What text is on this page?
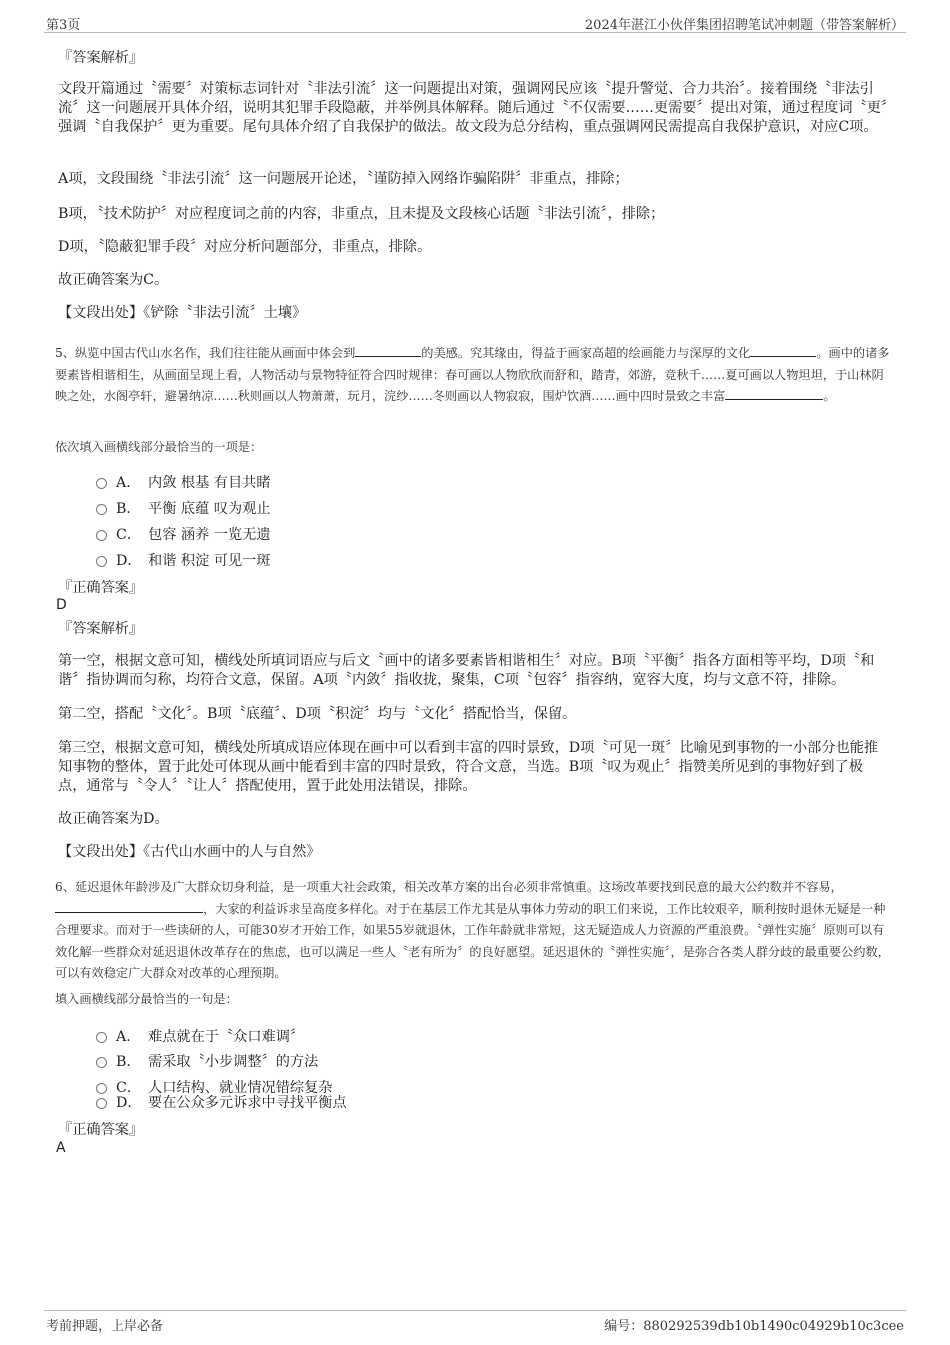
第3页	2024年湛江小伙伴集团招聘笔试冲刺题（带答案解析）
『答案解析』
文段开篇通过〝需要〞对策标志词针对〝非法引流〞这一问题提出对策，强调网民应该〝提升警觉、合力共治〞。接着围绕〝非法引流〞这一问题展开具体介绍，说明其犯罪手段隐蔽，并举例具体解释。随后通过〝不仅需要……更需要〞提出对策，通过程度词〝更〞强调〝自我保护〞更为重要。尾句具体介绍了自我保护的做法。故文段为总分结构，重点强调网民需提高自我保护意识，对应C项。
A项，文段围绕〝非法引流〞这一问题展开论述，〝谨防掉入网络诈骗陷阱〞非重点，排除；
B项，〝技术防护〞对应程度词之前的内容，非重点，且未提及文段核心话题〝非法引流〞，排除；
D项，〝隐蔽犯罪手段〞对应分析问题部分，非重点，排除。
故正确答案为C。
【文段出处】《铲除〝非法引流〞土壤》
5、纵览中国古代山水名作，我们往往能从画面中体会到	的美感。究其缘由，得益于画家高超的绘画能力与深厚的文化	。画中的诸多要素皆相谐相生，从画面呈现上看，人物活动与景物特征符合四时规律：春可画以人物欣欣而舒和，踏青，郊游，竞秋千……夏可画以人物坦坦，于山林阴映之处，水阁亭轩，避暑纳凉……秋则画以人物萧萧，玩月，浣纱……冬则画以人物寂寂，围炉饮酒……画中四时景致之丰富	。
依次填入画横线部分最恰当的一项是：
A． 内敛 根基 有目共睹
B． 平衡 底蕴 叹为观止
C． 包容 涵养 一览无遗
D． 和谐 积淀 可见一斑
『正确答案』
D
『答案解析』
第一空，根据文意可知，横线处所填词语应与后文〝画中的诸多要素皆相谐相生〞对应。B项〝平衡〞指各方面相等平均，D项〝和谐〞指协调而匀称，均符合文意，保留。A项〝内敛〞指收拢，聚集，C项〝包容〞指容纳，宽容大度，均与文意不符，排除。
第二空，搭配〝文化〞。B项〝底蕴〞、D项〝积淀〞均与〝文化〞搭配恰当，保留。
第三空，根据文意可知，横线处所填成语应体现在画中可以看到丰富的四时景致，D项〝可见一斑〞比喻见到事物的一小部分也能推知事物的整体，置于此处可体现从画中能看到丰富的四时景致，符合文意，当选。B项〝叹为观止〞指赞美所见到的事物好到了极点，通常与〝令人〞〝让人〞搭配使用，置于此处用法错误，排除。
故正确答案为D。
【文段出处】《古代山水画中的人与自然》
6、延迟退休年龄涉及广大群众切身利益，是一项重大社会政策，相关改革方案的出台必须非常慎重。这场改革要找到民意的最大公约数并不容易，，大家的利益诉求呈高度多样化。对于在基层工作尤其是从事体力劳动的职工们来说，工作比较艰辛，顺利按时退休无疑是一种合理要求。而对于一些读研的人，可能30岁才开始工作，如果55岁就退休，工作年龄就非常短，这无疑造成人力资源的严重浪费。〝弹性实施〞原则可以有效化解一些群众对延迟退休改革存在的焦虑，也可以满足一些人〝老有所为〞的良好愿望。延迟退休的〝弹性实施〞，是弥合各类人群分歧的最重要公约数，可以有效稳定广大群众对改革的心理预期。
填入画横线部分最恰当的一句是：
A． 难点就在于〝众口难调〞
B． 需采取〝小步调整〞的方法
C． 人口结构、就业情况错综复杂
D． 要在公众多元诉求中寻找平衡点
『正确答案』
A
考前押题，上岸必备	编号：880292539db10b1490c04929b10c3cee
